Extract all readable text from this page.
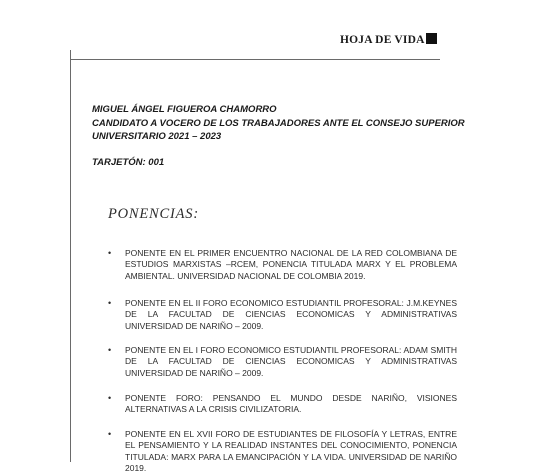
HOJA DE VIDA
MIGUEL ÁNGEL FIGUEROA CHAMORRO
CANDIDATO A VOCERO DE LOS TRABAJADORES ANTE EL CONSEJO SUPERIOR
UNIVERSITARIO 2021 – 2023
TARJETÓN: 001
PONENCIAS:
• PONENTE EN EL PRIMER ENCUENTRO NACIONAL DE LA RED COLOMBIANA DE ESTUDIOS MARXISTAS –RCEM, PONENCIA TITULADA MARX Y EL PROBLEMA AMBIENTAL. UNIVERSIDAD NACIONAL DE COLOMBIA 2019.
• PONENTE EN EL II FORO ECONOMICO ESTUDIANTIL PROFESORAL: J.M.KEYNES DE LA FACULTAD DE CIENCIAS ECONOMICAS Y ADMINISTRATIVAS UNIVERSIDAD DE NARIÑO – 2009.
• PONENTE EN EL I FORO ECONOMICO ESTUDIANTIL PROFESORAL: ADAM SMITH DE LA FACULTAD DE CIENCIAS ECONOMICAS Y ADMINISTRATIVAS UNIVERSIDAD DE NARIÑO – 2009.
• PONENTE FORO: PENSANDO EL MUNDO DESDE NARIÑO, VISIONES ALTERNATIVAS A LA CRISIS CIVILIZATORIA.
• PONENTE EN EL XVII FORO DE ESTUDIANTES DE FILOSOFÍA Y LETRAS, ENTRE EL PENSAMIENTO Y LA REALIDAD INSTANTES DEL CONOCIMIENTO, PONENCIA TITULADA: MARX PARA LA EMANCIPACIÓN Y LA VIDA. UNIVERSIDAD DE NARIÑO 2019.
